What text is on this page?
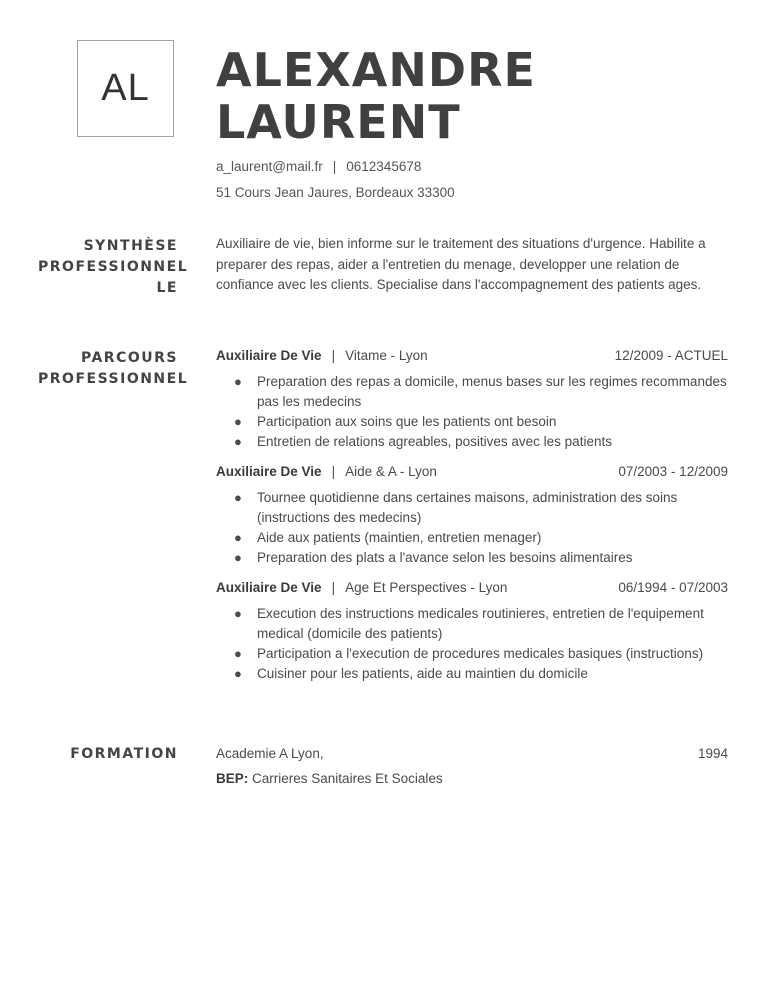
AL ALEXANDRE
LAURENT
a_laurent@mail.fr | 0612345678
51 Cours Jean Jaures, Bordeaux 33300
SYNTHÈSE
PROFESSIONNEL
LE
Auxiliaire de vie, bien informe sur le traitement des situations d'urgence. Habilite a preparer des repas, aider a l'entretien du menage, developper une relation de confiance avec les clients. Specialise dans l'accompagnement des patients ages.
PARCOURS
PROFESSIONNEL
Auxiliaire De Vie | Vitame - Lyon	12/2009 - ACTUEL
● Preparation des repas a domicile, menus bases sur les regimes recommandes pas les medecins
● Participation aux soins que les patients ont besoin
● Entretien de relations agreables, positives avec les patients
Auxiliaire De Vie | Aide & A - Lyon	07/2003 - 12/2009
● Tournee quotidienne dans certaines maisons, administration des soins (instructions des medecins)
● Aide aux patients (maintien, entretien menager)
● Preparation des plats a l'avance selon les besoins alimentaires
Auxiliaire De Vie | Age Et Perspectives - Lyon	06/1994 - 07/2003
● Execution des instructions medicales routinieres, entretien de l'equipement medical (domicile des patients)
● Participation a l'execution de procedures medicales basiques (instructions)
● Cuisiner pour les patients, aide au maintien du domicile
FORMATION	Academie A Lyon,	1994
BEP: Carrieres Sanitaires Et Sociales
